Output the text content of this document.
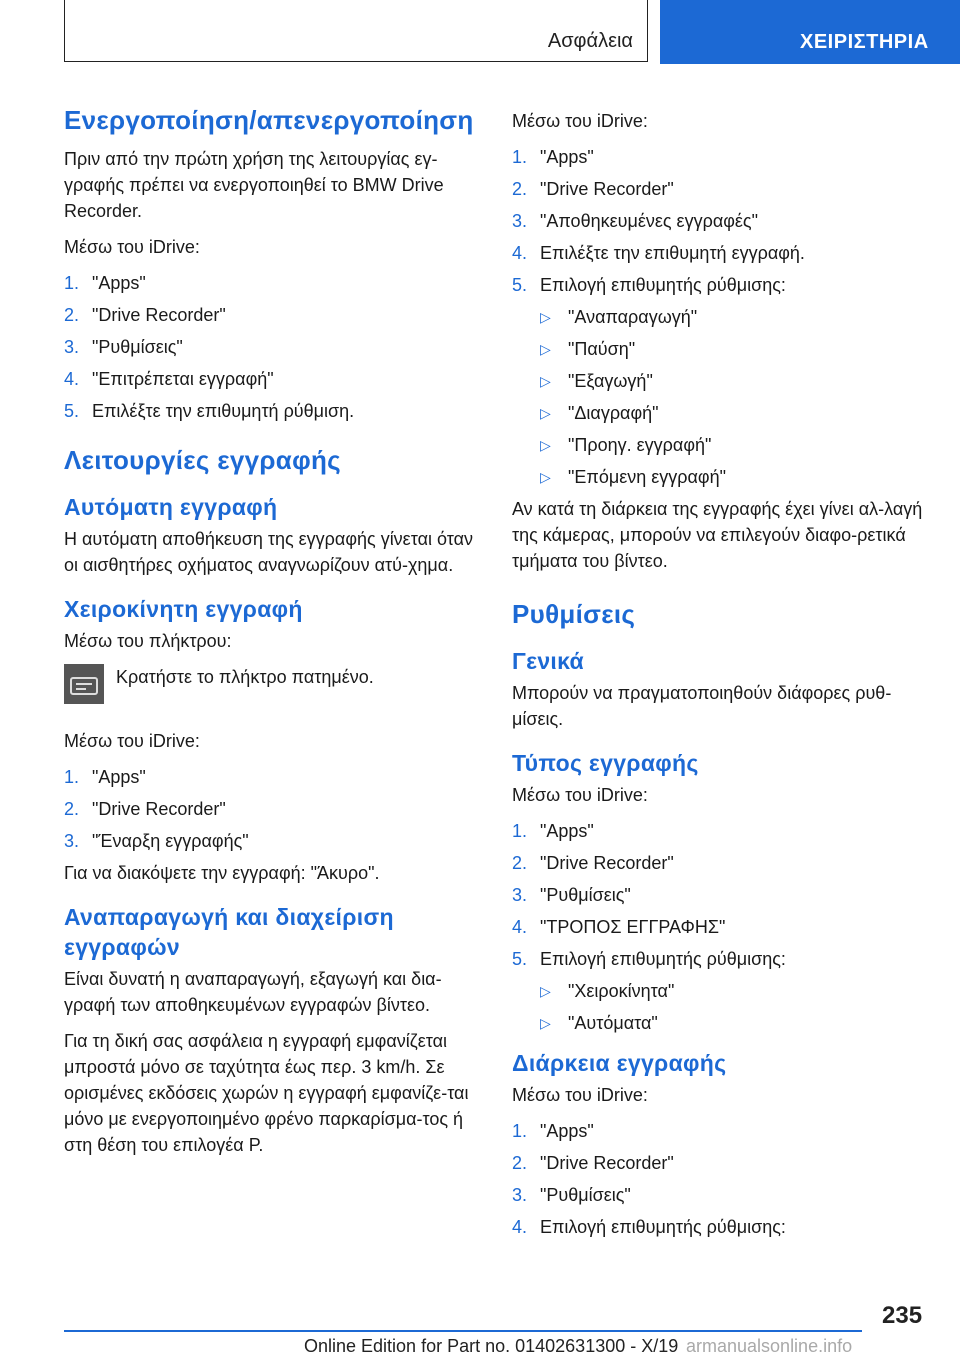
Ασφάλεια	ΧΕΙΡΙΣΤΗΡΙΑ
Ενεργοποίηση/απενεργοποίηση
Πριν από την πρώτη χρήση της λειτουργίας εγ-γραφής πρέπει να ενεργοποιηθεί το BMW Drive Recorder.
Μέσω του iDrive:
1. "Apps"
2. "Drive Recorder"
3. "Ρυθμίσεις"
4. "Επιτρέπεται εγγραφή"
5. Επιλέξτε την επιθυμητή ρύθμιση.
Λειτουργίες εγγραφής
Αυτόματη εγγραφή
Η αυτόματη αποθήκευση της εγγραφής γίνεται όταν οι αισθητήρες οχήματος αναγνωρίζουν ατύ-χημα.
Χειροκίνητη εγγραφή
Μέσω του πλήκτρου:
Κρατήστε το πλήκτρο πατημένο.
Μέσω του iDrive:
1. "Apps"
2. "Drive Recorder"
3. "Έναρξη εγγραφής"
Για να διακόψετε την εγγραφή: "Άκυρο".
Αναπαραγωγή και διαχείριση
εγγραφών
Είναι δυνατή η αναπαραγωγή, εξαγωγή και δια-γραφή των αποθηκευμένων εγγραφών βίντεο.
Για τη δική σας ασφάλεια η εγγραφή εμφανίζεται μπροστά μόνο σε ταχύτητα έως περ. 3 km/h. Σε ορισμένες εκδόσεις χωρών η εγγραφή εμφανίζε-ται μόνο με ενεργοποιημένο φρένο παρκαρίσμα-τος ή στη θέση του επιλογέα P.
Μέσω του iDrive:
1. "Apps"
2. "Drive Recorder"
3. "Αποθηκευμένες εγγραφές"
4. Επιλέξτε την επιθυμητή εγγραφή.
5. Επιλογή επιθυμητής ρύθμισης:
▷ "Αναπαραγωγή"
▷ "Παύση"
▷ "Εξαγωγή"
▷ "Διαγραφή"
▷ "Προηγ. εγγραφή"
▷ "Επόμενη εγγραφή"
Αν κατά τη διάρκεια της εγγραφής έχει γίνει αλ-λαγή της κάμερας, μπορούν να επιλεγούν διαφο-ρετικά τμήματα του βίντεο.
Ρυθμίσεις
Γενικά
Μπορούν να πραγματοποιηθούν διάφορες ρυθ-μίσεις.
Τύπος εγγραφής
Μέσω του iDrive:
1. "Apps"
2. "Drive Recorder"
3. "Ρυθμίσεις"
4. "ΤΡΟΠΟΣ ΕΓΓΡΑΦΗΣ"
5. Επιλογή επιθυμητής ρύθμισης:
▷ "Χειροκίνητα"
▷ "Αυτόματα"
Διάρκεια εγγραφής
Μέσω του iDrive:
1. "Apps"
2. "Drive Recorder"
3. "Ρυθμίσεις"
4. Επιλογή επιθυμητής ρύθμισης:
235
Online Edition for Part no. 01402631300 - X/19 armanualsonline.info
